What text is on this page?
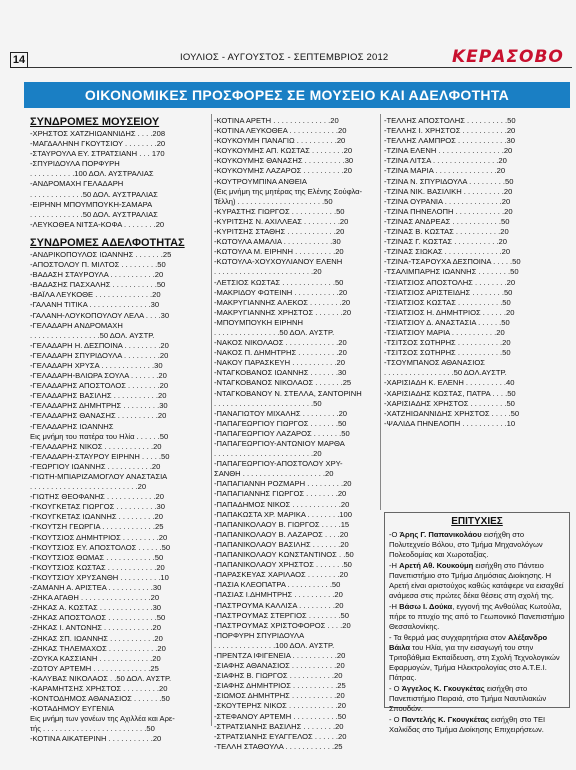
14	ΙΟΥΛΙΟΣ - ΑΥΓΟΥΣΤΟΣ - ΣΕΠΤΕΜΒΡΙΟΣ 2012	ΚΕΡΑΣΟΒΟ
ΟΙΚΟΝΟΜΙΚΕΣ ΠΡΟΣΦΟΡΕΣ ΣΕ ΜΟΥΣΕΙΟ ΚΑΙ ΑΔΕΛΦΟΤΗΤΑ
ΣΥΝΔΡΟΜΕΣ ΜΟΥΣΕΙΟΥ
-ΧΡΗΣΤΟΣ ΧΑΤΖΗΙΩΑΝΝΙΔΗΣ . . . .208
-ΜΑΓΔΑΛΗΝΗ ΓΚΟΥΤΣΙΟΥ . . . . . . . .20
-ΣΤΑΥΡΟΥΛΑ ΕΥ. ΣΤΡΑΤΣΙΑΝΗ . . . 170
-ΣΠΥΡΙΔΟΥΛΑ ΠΟΡΦΥΡΗ
. . . . . . . . . . .100 ΔΟΛ. ΑΥΣΤΡΑΛΙΑΣ
-ΑΝΔΡΟΜΑΧΗ ΓΕΛΑΔΑΡΗ
. . . . . . . . . . . . .50 ΔΟΛ. ΑΥΣΤΡΑΛΙΑΣ
-ΕΙΡΗΝΗ ΜΠΟΥΜΠΟΥΚΗ-ΣΑΜΑΡΑ
. . . . . . . . . . . . .50 ΔΟΛ. ΑΥΣΤΡΑΛΙΑΣ
-ΛΕΥΚΟΘΕΑ ΝΙΤΣΑ-ΚΟΦΑ . . . . . . . .20
ΣΥΝΔΡΟΜΕΣ ΑΔΕΛΦΟΤΗΤΑΣ
-ΑΝΔΡΙΚΟΠΟΥΛΟΣ ΙΩΑΝΝΗΣ . . . . . . .25
-ΑΠΟΣΤΟΛΟΥ Π. ΜΙΛΤΟΣ . . . . . . . . .50
-ΒΑΔΑΣΗ ΣΤΑΥΡΟΥΛΑ . . . . . . . . . . .20
-ΒΑΔΑΣΗΣ ΠΑΣΧΑΛΗΣ . . . . . . . . . . .50
-ΒΑΪΛΑ ΛΕΥΚΟΘΕ . . . . . . . . . . . . . .20
-ΓΑΛΑΝΗ ΤΙΤΙΚΑ . . . . . . . . . . . . . . .30
-ΓΑΛΑΝΗ-ΛΟΥΚΟΠΟΥΛΟΥ ΛΕΛΑ . . . .30
-ΓΕΛΑΔΑΡΗ ΑΝΔΡΟΜΑΧΗ
. . . . . . . . . . . . . . . . .50 ΔΟΛ. ΑΥΣΤΡ.
-ΓΕΛΑΔΑΡΗ Η. ΔΕΣΠΟΙΝΑ . . . . . . . . .20
-ΓΕΛΑΔΑΡΗ ΣΠΥΡΙΔΟΥΛΑ . . . . . . . . .20
-ΓΕΛΑΔΑΡΗ ΧΡΥΣΑ . . . . . . . . . . . . .30
-ΓΕΛΑΔΑΡΗ-ΒΛΙΩΡΑ ΣΟΥΛΑ . . . . . . .20
-ΓΕΛΑΔΑΡΗΣ ΑΠΟΣΤΟΛΟΣ . . . . . . . .20
-ΓΕΛΑΔΑΡΗΣ ΒΑΣΙΛΗΣ . . . . . . . . . . .20
-ΓΕΛΑΔΑΡΗΣ ΔΗΜΗΤΡΗΣ . . . . . . . . .30
-ΓΕΛΑΔΑΡΗΣ ΘΑΝΑΣΗΣ . . . . . . . . . .20
-ΓΕΛΑΔΑΡΗΣ ΙΩΑΝΝΗΣ
Εις μνήμη του πατέρα του Ηλία . . . . . .50
-ΓΕΛΑΔΑΡΗΣ ΝΙΚΟΣ . . . . . . . . . . . .20
-ΓΕΛΑΔΑΡΗ-ΣΤΑΥΡΟΥ ΕΙΡΗΝΗ . . . . .50
-ΓΕΩΡΓΙΟΥ ΙΩΑΝΝΗΣ . . . . . . . . . . .20
-ΓΙΩΤΗ-ΜΠΙΑΡΙΖΑΜΟΓΛΟΥ ΑΝΑΣΤΑΣΙΑ
. . . . . . . . . . . . . . . . . . . . . . . . . .20
-ΓΙΩΤΗΣ ΘΕΟΦΑΝΗΣ . . . . . . . . . . . .20
-ΓΚΟΥΓΚΕΤΑΣ ΓΙΩΡΓΟΣ . . . . . . . . . .30
-ΓΚΟΥΓΚΕΤΑΣ ΙΩΑΝΝΗΣ . . . . . . . . .20
-ΓΚΟΥΤΣΗ ΓΕΩΡΓΙΑ . . . . . . . . . . . . .25
-ΓΚΟΥΤΣΙΟΣ ΔΗΜΗΤΡΙΟΣ . . . . . . . . .20
-ΓΚΟΥΤΣΙΟΣ ΕΥ. ΑΠΟΣΤΟΛΟΣ . . . . . .50
-ΓΚΟΥΤΣΙΟΣ ΘΩΜΑΣ . . . . . . . . . . . .50
-ΓΚΟΥΤΣΙΟΣ ΚΩΣΤΑΣ . . . . . . . . . . . .20
-ΓΚΟΥΤΣΙΟΥ ΧΡΥΣΑΝΘΗ . . . . . . . . . .10
-ΖΑΜΑΝΗ Α. ΑΡΙΣΤΕΑ . . . . . . . . . . .30
-ΖΗΚΑ ΑΓΑΘΗ . . . . . . . . . . . . . . . . .20
-ΖΗΚΑΣ Α. ΚΩΣΤΑΣ . . . . . . . . . . . . .30
-ΖΗΚΑΣ ΑΠΟΣΤΟΛΟΣ . . . . . . . . . . . .50
-ΖΗΚΑΣ Ι. ΑΝΤΩΝΗΣ . . . . . . . . . . . .20
-ΖΗΚΑΣ ΣΠ. ΙΩΑΝΝΗΣ . . . . . . . . . . .20
-ΖΗΚΑΣ ΤΗΛΕΜΑΧΟΣ . . . . . . . . . . . .20
-ΖΟΥΚΑ ΚΑΣΣΙΑΝΗ . . . . . . . . . . . . .20
-ΖΩΤΟΥ ΑΡΤΕΜΗ . . . . . . . . . . . . . .25
-ΚΑΛΥΒΑΣ ΝΙΚΟΛΑΟΣ . .50 ΔΟΛ. ΑΥΣΤΡ.
-ΚΑΡΑΜΗΤΣΗΣ ΧΡΗΣΤΟΣ . . . . . . . . .20
-ΚΟΝΤΟΔΗΜΟΣ ΑΘΑΝΑΣΙΟΣ . . . . . . .50
-ΚΟΤΑΔΗΜΟΥ ΕΥΓΕΝΙΑ
Εις μνήμη των γονέων της Αχιλλέα και Αρε-
τής . . . . . . . . . . . . . . . . . . . . . . . . .50
-ΚΟΤΙΝΑ ΑΙΚΑΤΕΡΙΝΗ . . . . . . . . . . .20
-ΚΟΤΙΝΑ ΑΡΕΤΗ . . . . . . . . . . . . . .20
-ΚΟΤΙΝΑ ΛΕΥΚΟΘΕΑ . . . . . . . . . . . .20
-ΚΟΥΚΟΥΜΗ ΠΑΝΑΓΙΩ . . . . . . . . . .20
-ΚΟΥΚΟΥΜΗΣ ΑΠ. ΚΩΣΤΑΣ . . . . . . . .20
-ΚΟΥΚΟΥΜΗΣ ΘΑΝΑΣΗΣ . . . . . . . . . .30
-ΚΟΥΚΟΥΜΗΣ ΛΑΖΑΡΟΣ . . . . . . . . . .20
-ΚΟΥΤΡΟΥΜΠΙΝΑ ΑΝΘΕΙΑ
(Εις μνήμη της μητέρας της Ελένης Σούφλα-
Τέλλη) . . . . . . . . . . . . . . . . . . . . .50
-ΚΥΡΑΣΤΗΣ ΓΙΩΡΓΟΣ . . . . . . . . . . .50
-ΚΥΡΙΤΣΗΣ Ν. ΑΧΙΛΛΕΑΣ . . . . . . . . .20
-ΚΥΡΙΤΣΗΣ ΣΤΑΘΗΣ . . . . . . . . . . . .20
-ΚΩΤΟΥΛΑ ΑΜΑΛΙΑ . . . . . . . . . . . .30
-ΚΩΤΟΥΛΑ Μ. ΕΙΡΗΝΗ . . . . . . . . . .20
-ΚΩΤΟΥΛΑ-ΧΟΥΧΟΥΛΙΑΝΟΥ ΕΛΕΝΗ
. . . . . . . . . . . . . . . . . . . . . . . .20
-ΛΕΤΣΙΟΣ ΚΩΣΤΑΣ . . . . . . . . . . . . .50
-ΜΑΚΡΙΔΟΥ ΦΩΤΕΙΝΗ . . . . . . . . . . .20
-ΜΑΚΡΥΓΙΑΝΝΗΣ ΑΛΕΚΟΣ . . . . . . . .20
-ΜΑΚΡΥΓΙΑΝΝΗΣ ΧΡΗΣΤΟΣ . . . . . . .20
-ΜΠΟΥΜΠΟΥΚΗ ΕΙΡΗΝΗ
. . . . . . . . . . . . . . . .50 ΔΟΛ. ΑΥΣΤΡ.
-ΝΑΚΟΣ ΝΙΚΟΛΑΟΣ . . . . . . . . . . . . .20
-ΝΑΚΟΣ Π. ΔΗΜΗΤΡΗΣ . . . . . . . . . .20
-ΝΑΚΟΥ ΠΑΡΑΣΚΕΥΗ . . . . . . . . . . .20
-ΝΤΑΓΚΟΒΑΝΟΣ ΙΩΑΝΝΗΣ . . . . . . .30
-ΝΤΑΓΚΟΒΑΝΟΣ ΝΙΚΟΛΑΟΣ . . . . . . .25
-ΝΤΑΓΚΟΒΑΝΟΥ Ν. ΣΤΕΛΛΑ, ΣΑΝΤΟΡΙΝΗ
. . . . . . . . . . . . . . . . . . . . . . . .50
-ΠΑΝΑΓΙΩΤΟΥ ΜΙΧΑΛΗΣ . . . . . . . . .20
-ΠΑΠΑΓΕΩΡΓΙΟΥ ΓΙΩΡΓΟΣ . . . . . . .50
-ΠΑΠΑΓΕΩΡΓΙΟΥ ΛΑΖΑΡΟΣ . . . . . . .50
-ΠΑΠΑΓΕΩΡΓΙΟΥ-ΑΝΤΩΝΙΟΥ ΜΑΡΘΑ
. . . . . . . . . . . . . . . . . . . . . . . .20
-ΠΑΠΑΓΕΩΡΓΙΟΥ-ΑΠΟΣΤΟΛΟΥ ΧΡΥ-
ΣΑΝΘΗ . . . . . . . . . . . . . . . . . . . .20
-ΠΑΠΑΓΙΑΝΝΗ ΡΟΖΜΑΡΗ . . . . . . . . .20
-ΠΑΠΑΓΙΑΝΝΗΣ ΓΙΩΡΓΟΣ . . . . . . . .20
-ΠΑΠΑΔΗΜΟΣ ΝΙΚΟΣ . . . . . . . . . . . .20
-ΠΑΠΑΚΩΣΤΑ ΧΡ. ΜΑΡΙΚΑ . . . . . . . .100
-ΠΑΠΑΝΙΚΟΛΑΟΥ Β. ΓΙΩΡΓΟΣ . . . . .15
-ΠΑΠΑΝΙΚΟΛΑΟΥ Β. ΛΑΖΑΡΟΣ . . . .20
-ΠΑΠΑΝΙΚΟΛΑΟΥ ΒΑΣΙΛΗΣ . . . . . . .20
-ΠΑΠΑΝΙΚΟΛΑΟΥ ΚΩΝΣΤΑΝΤΙΝΟΣ . .50
-ΠΑΠΑΝΙΚΟΛΑΟΥ ΧΡΗΣΤΟΣ . . . . . . .50
-ΠΑΡΑΣΚΕΥΑΣ ΧΑΡΙΛΑΟΣ . . . . . . . .20
-ΠΑΣΙΑ ΚΛΕΟΠΑΤΡΑ . . . . . . . . . . .50
-ΠΑΣΙΑΣ Ι.ΔΗΜΗΤΡΗΣ . . . . . . . . . .20
-ΠΑΣΤΡΟΥΜΑ ΚΑΛΛΙΣΑ . . . . . . . . .20
-ΠΑΣΤΡΟΥΜΑΣ ΣΤΕΡΓΙΟΣ . . . . . . . .50
-ΠΑΣΤΡΟΥΜΑΣ ΧΡΙΣΤΟΦΟΡΟΣ . . . .20
-ΠΟΡΦΥΡΗ ΣΠΥΡΙΔΟΥΛΑ
. . . . . . . . . . . . . . .100 ΔΟΛ. ΑΥΣΤΡ.
-ΠΡΕΝΤΖΑ ΙΦΙΓΕΝΕΙΑ . . . . . . . . . . .20
-ΣΙΑΦΗΣ ΑΘΑΝΑΣΙΟΣ . . . . . . . . . . .20
-ΣΙΑΦΗΣ Β. ΓΙΩΡΓΟΣ . . . . . . . . . . .20
-ΣΙΑΦΗΣ ΔΗΜΗΤΡΙΟΣ . . . . . . . . . . .25
-ΣΙΩΜΟΣ ΔΗΜΗΤΡΗΣ . . . . . . . . . . .20
-ΣΚΟΥΤΕΡΗΣ ΝΙΚΟΣ . . . . . . . . . . . .20
-ΣΤΕΦΑΝΟΥ ΑΡΤΕΜΗ . . . . . . . . . . .50
-ΣΤΡΑΤΣΙΑΝΗΣ ΒΑΣΙΛΗΣ . . . . . . . .20
-ΣΤΡΑΤΣΙΑΝΗΣ ΕΥΑΓΓΕΛΟΣ . . . . . .20
-ΤΕΛΛΗ ΣΤΑΘΟΥΛΑ . . . . . . . . . . . .25
-ΤΕΛΛΗΣ ΑΠΟΣΤΟΛΗΣ . . . . . . . . . .50
-ΤΕΛΛΗΣ Ι. ΧΡΗΣΤΟΣ . . . . . . . . . . .20
-ΤΕΛΛΗΣ ΛΑΜΠΡΟΣ . . . . . . . . . . . .30
-ΤΖΙΝΑ ΕΛΕΝΗ . . . . . . . . . . . . . . . .20
-ΤΖΙΝΑ ΛΙΤΣΑ . . . . . . . . . . . . . . . .20
-ΤΖΙΝΑ ΜΑΡΙΑ . . . . . . . . . . . . . . .20
-ΤΖΙΝΑ Ν. ΣΠΥΡΙΔΟΥΛΑ . . . . . . . . .50
-ΤΖΙΝΑ ΝΙΚ. ΒΑΣΙΛΙΚΗ . . . . . . . . . .20
-ΤΖΙΝΑ ΟΥΡΑΝΙΑ . . . . . . . . . . . . . .20
-ΤΖΙΝΑ ΠΗΝΕΛΟΠΗ . . . . . . . . . . . .20
-ΤΖΙΝΑΣ ΑΝΔΡΕΑΣ . . . . . . . . . . . .50
-ΤΖΙΝΑΣ Β. ΚΩΣΤΑΣ . . . . . . . . . . .20
-ΤΖΙΝΑΣ Γ. ΚΩΣΤΑΣ . . . . . . . . . . .20
-ΤΖΙΝΑΣ ΣΙΩΚΑΣ . . . . . . . . . . . . . .20
-ΤΖΙΝΑ-ΤΣΑΡΟΥΧΑ ΔΕΣΠΟΙΝΑ . . . . .50
-ΤΣΑΛΙΜΠΑΡΗΣ ΙΩΑΝΝΗΣ . . . . . . . .50
-ΤΣΙΑΤΣΙΟΣ ΑΠΟΣΤΟΛΗΣ . . . . . . . .20
-ΤΣΙΑΤΣΙΟΣ ΑΡΙΣΤΕΙΔΗΣ . . . . . . . .50
-ΤΣΙΑΤΣΙΟΣ ΚΩΣΤΑΣ . . . . . . . . . . .50
-ΤΣΙΑΤΣΙΟΣ Η. ΔΗΜΗΤΡΙΟΣ . . . . . .20
-ΤΣΙΑΤΣΙΟΥ Δ. ΑΝΑΣΤΑΣΙΑ . . . . . .50
-ΤΣΙΑΤΣΙΟΥ ΜΑΡΙΑ . . . . . . . . . . .20
-ΤΣΙΤΣΟΣ ΣΩΤΗΡΗΣ . . . . . . . . . . .20
-ΤΣΙΤΣΟΣ ΣΩΤΗΡΗΣ . . . . . . . . . . .50
-ΤΣΟΥΜΠΑΝΟΣ ΑΘΑΝΑΣΙΟΣ
. . . . . . . . . . . . . . . . .50 ΔΟΛ.ΑΥΣΤΡ.
-ΧΑΡΙΣΙΑΔΗ Κ. ΕΛΕΝΗ . . . . . . . . . .40
-ΧΑΡΙΣΙΑΔΗΣ ΚΩΣΤΑΣ, ΠΑΤΡΑ . . . .50
-ΧΑΡΙΣΙΑΔΗΣ ΧΡΗΣΤΟΣ . . . . . . . . .50
-ΧΑΤΖΗΙΩΑΝΝΙΔΗΣ ΧΡΗΣΤΟΣ . . . . .50
-ΨΑΛΙΔΑ ΠΗΝΕΛΟΠΗ . . . . . . . . . . .10
ΕΠΙΤΥΧΙΕΣ

-Ο Άρης Γ. Παπανικολάου εισήχθη στο Πολυτεχνείο Βόλου, στο Τμήμα Μηχανολόγων Πολεοδομίας και Χωροταξίας.

-Η Αρετή Αθ. Κουκούμη εισήχθη στο Πάντειο Πανεπιστήμιο στο Τμήμα Δημόσιας Διοίκησης. Η Αρετή είναι αριστούχος καθώς κατάφερε να εισαχθεί ανάμεσα στις πρώτες δέκα θέσεις στη σχολή της.

-Η Βάσω Ι. Δούκα, εγγονή της Ανθούλας Κωτούλα, πήρε το πτυχίο της από το Γεωπονικό Πανεπιστήμιο Θεσσαλονίκης.

- Τα θερμά μας συγχαρητήρια στον Αλέξανδρο Βάιλα του Ηλία, για την εισαγωγή του στην Τριτοβάθμια Εκπαίδευση, στη Σχολή Τεχνολογικών Εφαρμογών, Τμήμα Ηλεκτρολογίας στο Α.Τ.Ε.Ι. Πάτρας.

- Ο Άγγελος Κ. Γκουγκέτας εισήχθη στο Πανεπιστήμιο Πειραιά, στο Τμήμα Ναυτιλιακών Σπουδών.

- Ο Παντελής Κ. Γκουγκέτας εισήχθη στο ΤΕΙ Χαλκίδας στο Τμήμα Διοίκησης Επιχειρήσεων.
